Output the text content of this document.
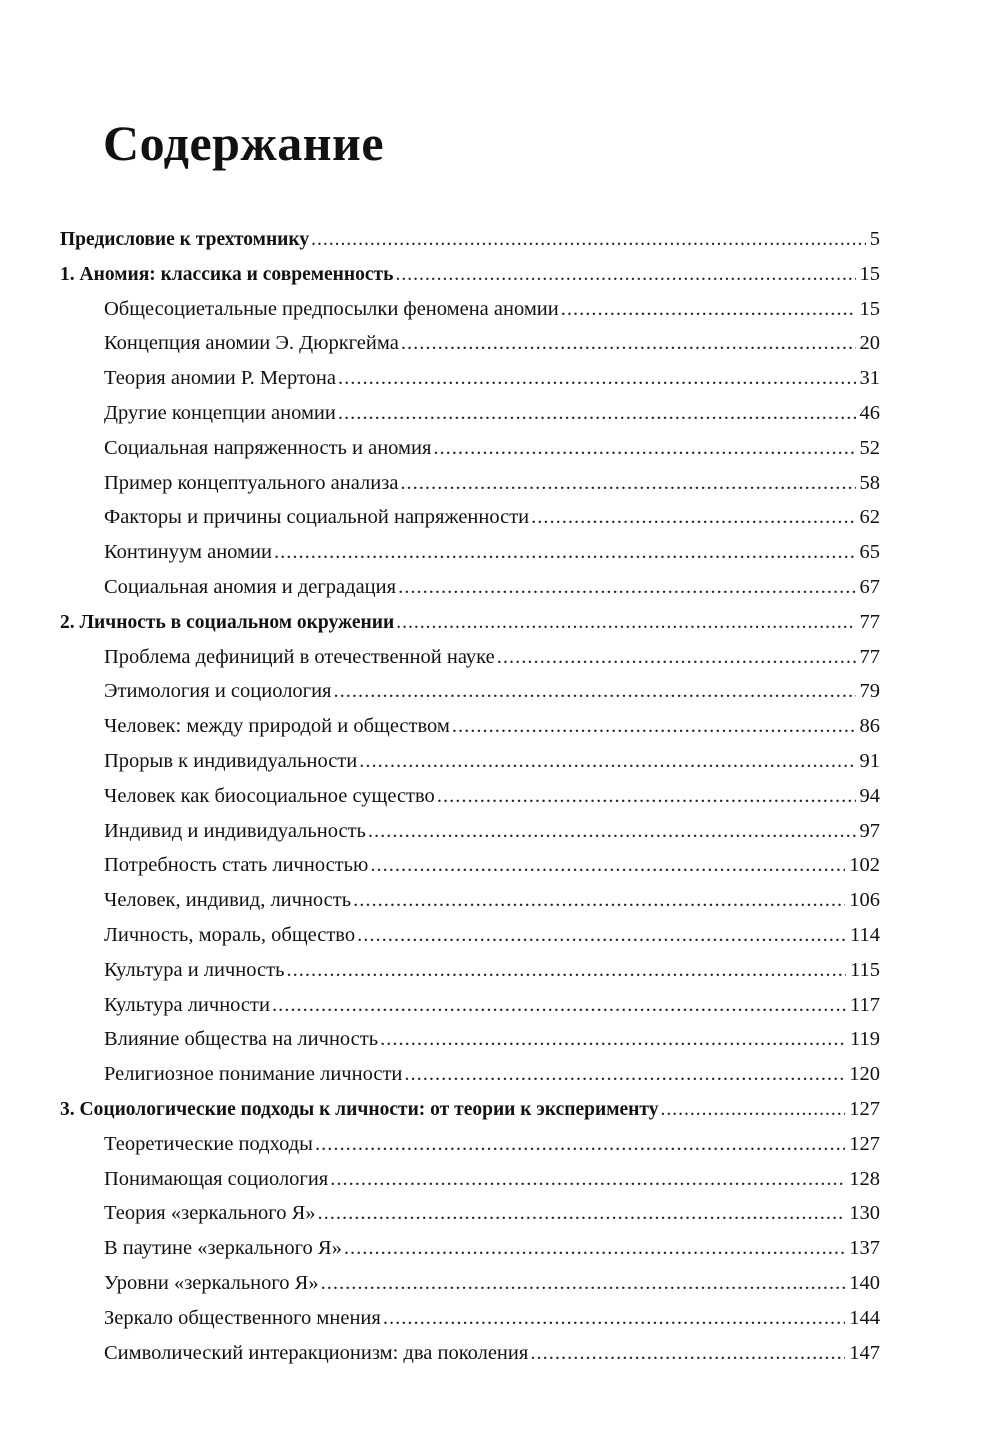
Содержание
Предисловие к трехтомнику .....	5
1. Аномия: классика и современность .....	15
Общесоциетальные предпосылки феномена аномии .....	15
Концепция аномии Э. Дюркгейма .....	20
Теория аномии Р. Мертона .....	31
Другие концепции аномии .....	46
Социальная напряженность и аномия .....	52
Пример концептуального анализа .....	58
Факторы и причины социальной напряженности .....	62
Континуум аномии .....	65
Социальная аномия и деградация .....	67
2. Личность в социальном окружении .....	77
Проблема дефиниций в отечественной науке .....	77
Этимология и социология .....	79
Человек: между природой и обществом .....	86
Прорыв к индивидуальности .....	91
Человек как биосоциальное существо .....	94
Индивид и индивидуальность .....	97
Потребность стать личностью .....	102
Человек, индивид, личность .....	106
Личность, мораль, общество .....	114
Культура и личность .....	115
Культура личности .....	117
Влияние общества на личность .....	119
Религиозное понимание личности .....	120
3. Социологические подходы к личности: от теории к эксперименту .....	127
Теоретические подходы .....	127
Понимающая социология .....	128
Теория «зеркального Я» .....	130
В паутине «зеркального Я» .....	137
Уровни «зеркального Я» .....	140
Зеркало общественного мнения .....	144
Символический интеракционизм: два поколения .....	147
